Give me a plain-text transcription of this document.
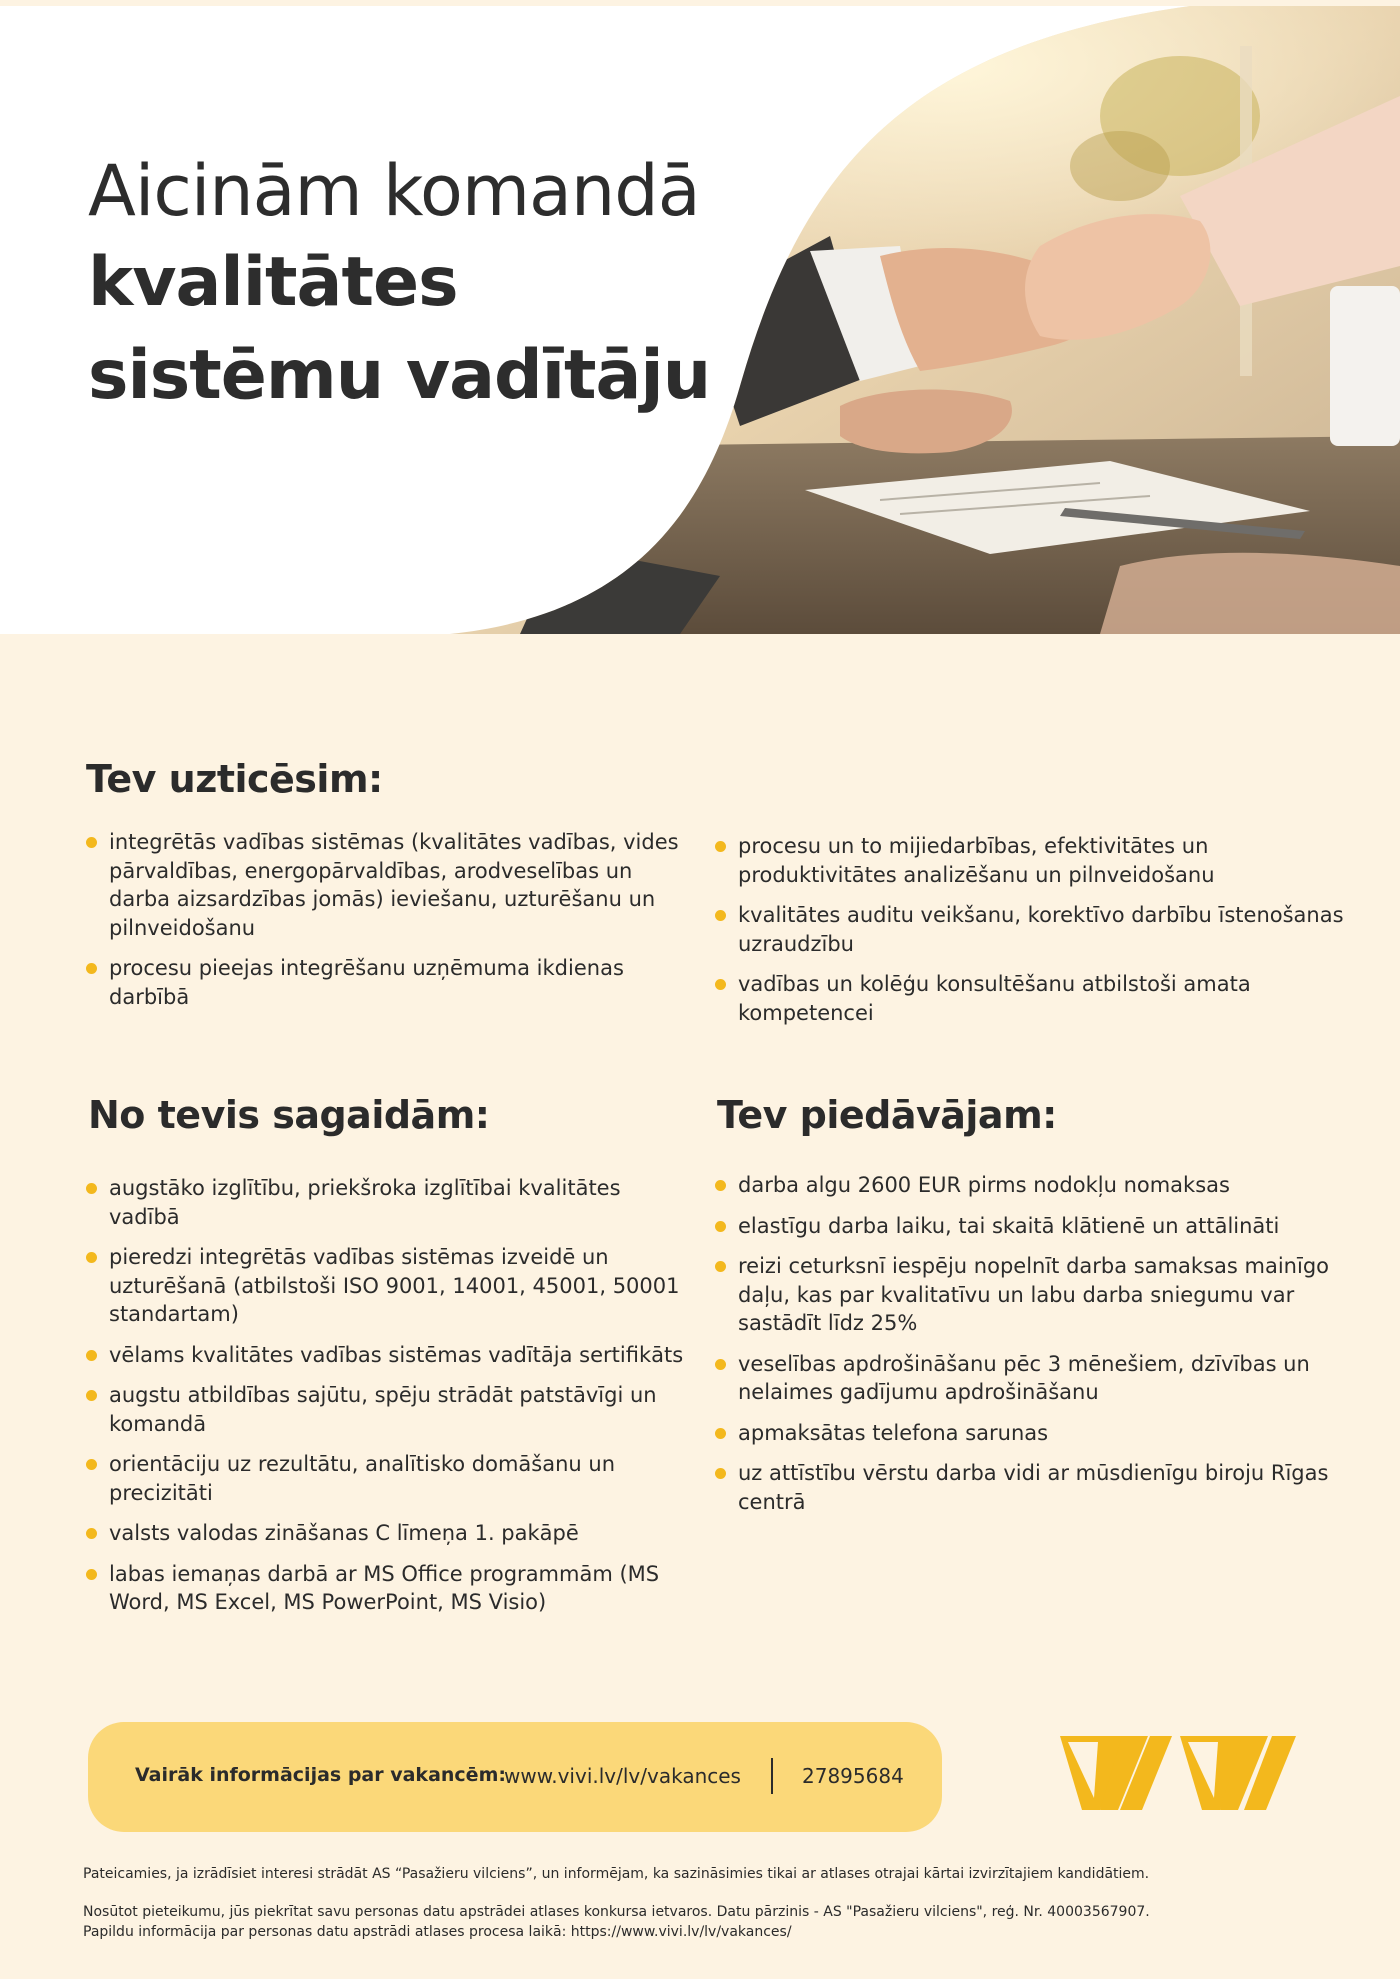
Aicinām komandā
kvalitātes
sistēmu vadītāju
Tev uzticēsim:
integrētās vadības sistēmas (kvalitātes vadības, vides pārvaldības, energopārvaldības, arodveselības un darba aizsardzības jomās) ieviešanu, uzturēšanu un pilnveidošanu
procesu pieejas integrēšanu uzņēmuma ikdienas darbībā
procesu un to mijiedarbības, efektivitātes un produktivitātes analizēšanu un pilnveidošanu
kvalitātes auditu veikšanu, korektīvo darbību īstenošanas uzraudzību
vadības un kolēģu konsultēšanu atbilstoši amata kompetencei
No tevis sagaidām:
augstāko izglītību, priekšroka izglītībai kvalitātes vadībā
pieredzi integrētās vadības sistēmas izveidē un uzturēšanā (atbilstoši ISO 9001, 14001, 45001, 50001 standartam)
vēlams kvalitātes vadības sistēmas vadītāja sertifikāts
augstu atbildības sajūtu, spēju strādāt patstāvīgi un komandā
orientāciju uz rezultātu, analītisko domāšanu un precizitāti
valsts valodas zināšanas C līmeņa 1. pakāpē
labas iemaņas darbā ar MS Office programmām (MS Word, MS Excel, MS PowerPoint, MS Visio)
Tev piedāvājam:
darba algu 2600 EUR pirms nodokļu nomaksas
elastīgu darba laiku, tai skaitā klātienē un attālināti
reizi ceturksnī iespēju nopelnīt darba samaksas mainīgo daļu, kas par kvalitatīvu un labu darba sniegumu var sastādīt līdz 25%
veselības apdrošināšanu pēc 3 mēnešiem, dzīvības un nelaimes gadījumu apdrošināšanu
apmaksātas telefona sarunas
uz attīstību vērstu darba vidi ar mūsdienīgu biroju Rīgas centrā
Vairāk informācijas par vakancēm:
www.vivi.lv/lv/vakances	27895684
Pateicamies, ja izrādīsiet interesi strādāt AS “Pasažieru vilciens”, un informējam, ka sazināsimies tikai ar atlases otrajai kārtai izvirzītajiem kandidātiem.
Nosūtot pieteikumu, jūs piekrītat savu personas datu apstrādei atlases konkursa ietvaros. Datu pārzinis - AS "Pasažieru vilciens", reģ. Nr. 40003567907.
Papildu informācija par personas datu apstrādi atlases procesa laikā: https://www.vivi.lv/lv/vakances/
